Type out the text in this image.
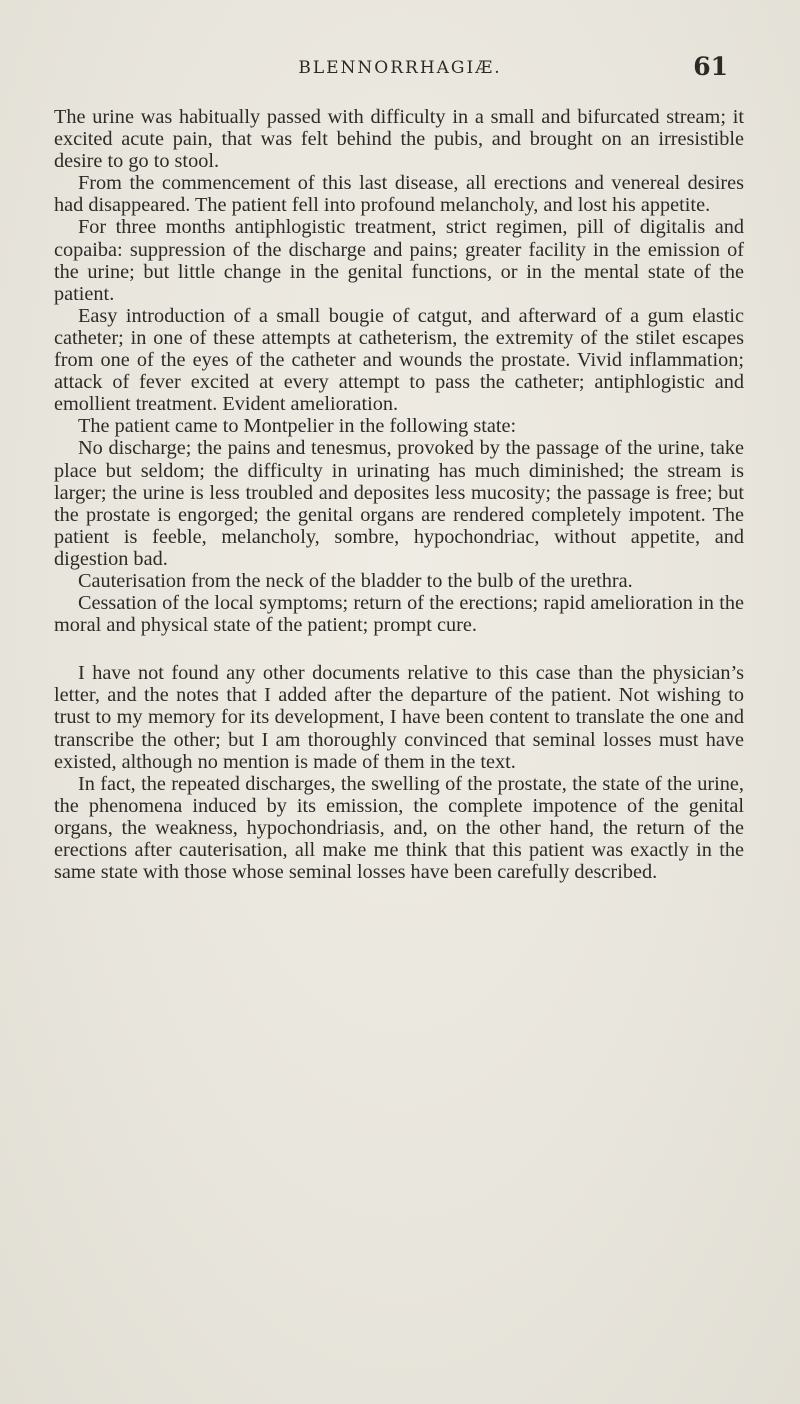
BLENNORRHAGIÆ.	61

The urine was habitually passed with difficulty in a small and bifurcated stream; it excited acute pain, that was felt behind the pubis, and brought on an irresistible desire to go to stool.

From the commencement of this last disease, all erections and venereal desires had disappeared. The patient fell into profound melancholy, and lost his appetite.

For three months antiphlogistic treatment, strict regimen, pill of digitalis and copaiba: suppression of the discharge and pains; greater facility in the emission of the urine; but little change in the genital functions, or in the mental state of the patient.

Easy introduction of a small bougie of catgut, and afterward of a gum elastic catheter; in one of these attempts at catheterism, the extremity of the stilet escapes from one of the eyes of the catheter and wounds the prostate. Vivid inflammation; attack of fever excited at every attempt to pass the catheter; antiphlogistic and emollient treatment. Evident amelioration.

The patient came to Montpelier in the following state:

No discharge; the pains and tenesmus, provoked by the passage of the urine, take place but seldom; the difficulty in urinating has much diminished; the stream is larger; the urine is less troubled and deposites less mucosity; the passage is free; but the prostate is engorged; the genital organs are rendered completely impotent. The patient is feeble, melancholy, sombre, hypochondriac, without appetite, and digestion bad.

Cauterisation from the neck of the bladder to the bulb of the urethra.

Cessation of the local symptoms; return of the erections; rapid amelioration in the moral and physical state of the patient; prompt cure.

I have not found any other documents relative to this case than the physician’s letter, and the notes that I added after the departure of the patient. Not wishing to trust to my memory for its development, I have been content to translate the one and transcribe the other; but I am thoroughly convinced that seminal losses must have existed, although no mention is made of them in the text.

In fact, the repeated discharges, the swelling of the prostate, the state of the urine, the phenomena induced by its emission, the complete impotence of the genital organs, the weakness, hypochondriasis, and, on the other hand, the return of the erections after cauterisation, all make me think that this patient was exactly in the same state with those whose seminal losses have been carefully described.
